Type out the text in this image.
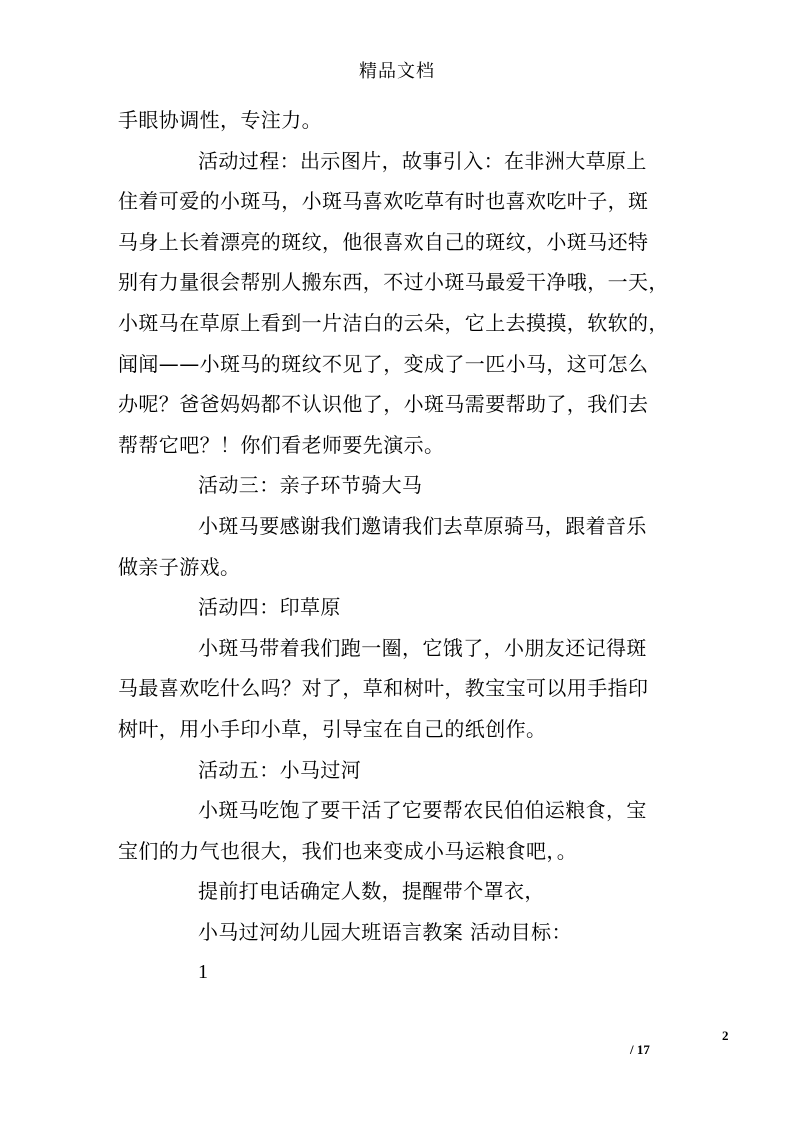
精品文档
手眼协调性，专注力。
活动过程：出示图片，故事引入：在非洲大草原上
住着可爱的小斑马，小斑马喜欢吃草有时也喜欢吃叶子，斑
马身上长着漂亮的斑纹，他很喜欢自己的斑纹，小斑马还特
别有力量很会帮别人搬东西，不过小斑马最爱干净哦，一天，
小斑马在草原上看到一片洁白的云朵，它上去摸摸，软软的，
闻闻——小斑马的斑纹不见了，变成了一匹小马，这可怎么
办呢？爸爸妈妈都不认识他了，小斑马需要帮助了，我们去
帮帮它吧？！你们看老师要先演示。
活动三：亲子环节骑大马
小斑马要感谢我们邀请我们去草原骑马，跟着音乐
做亲子游戏。
活动四：印草原
小斑马带着我们跑一圈，它饿了，小朋友还记得斑
马最喜欢吃什么吗？对了，草和树叶，教宝宝可以用手指印
树叶，用小手印小草，引导宝在自己的纸创作。
活动五：小马过河
小斑马吃饱了要干活了它要帮农民伯伯运粮食，宝
宝们的力气也很大，我们也来变成小马运粮食吧，。
提前打电话确定人数，提醒带个罩衣，
小马过河幼儿园大班语言教案 活动目标：
1
2
/ 17
